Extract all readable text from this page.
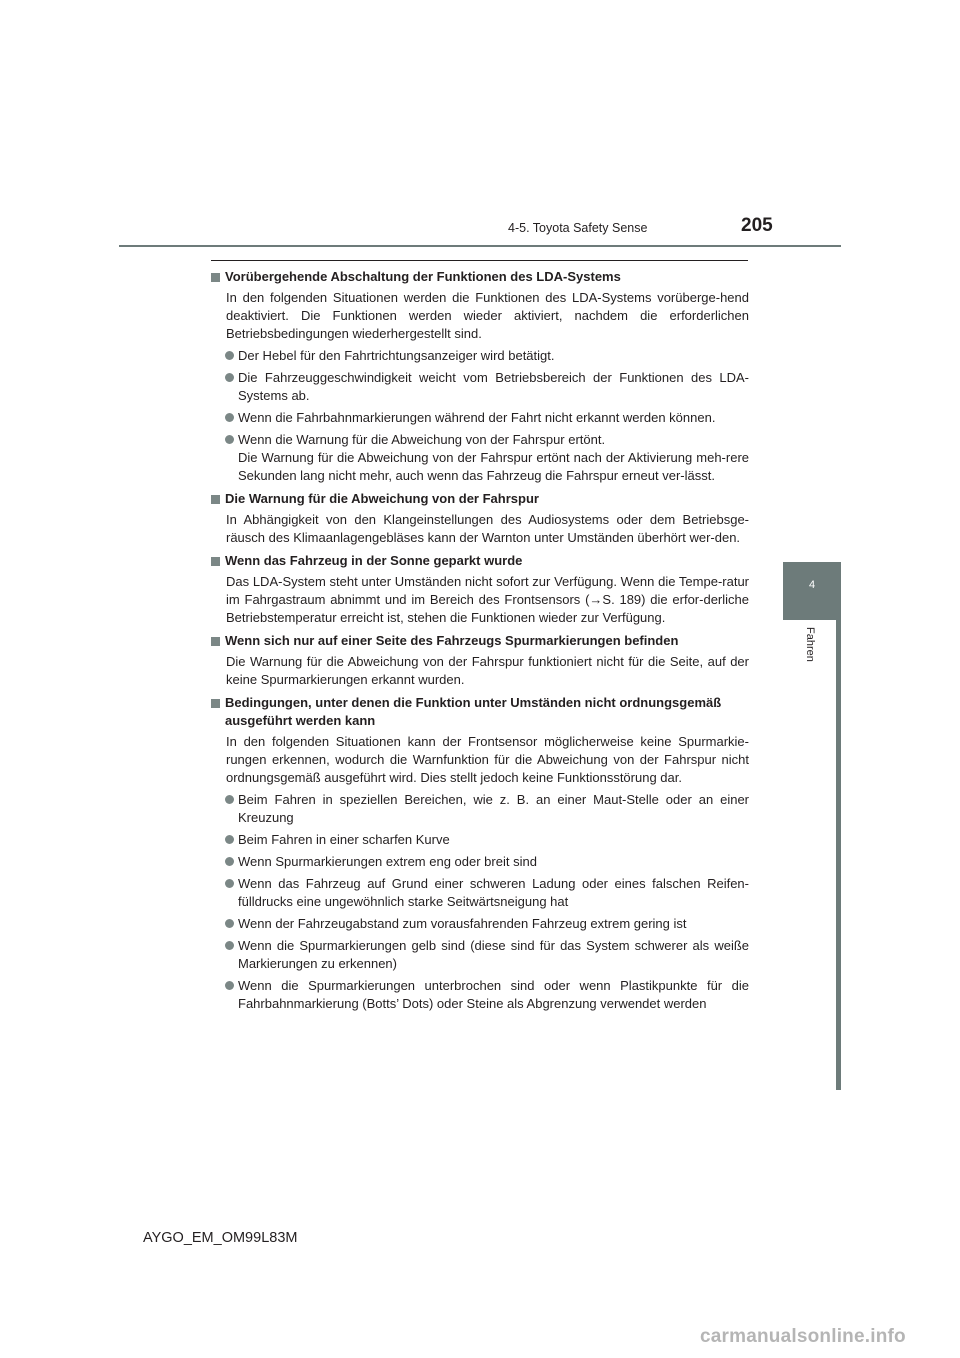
4-5. Toyota Safety Sense	205
4
Fahren
Vorübergehende Abschaltung der Funktionen des LDA-Systems
In den folgenden Situationen werden die Funktionen des LDA-Systems vorüberge-hend deaktiviert. Die Funktionen werden wieder aktiviert, nachdem die erforderlichen Betriebsbedingungen wiederhergestellt sind.
Der Hebel für den Fahrtrichtungsanzeiger wird betätigt.
Die Fahrzeuggeschwindigkeit weicht vom Betriebsbereich der Funktionen des LDA-Systems ab.
Wenn die Fahrbahnmarkierungen während der Fahrt nicht erkannt werden können.
Wenn die Warnung für die Abweichung von der Fahrspur ertönt.
Die Warnung für die Abweichung von der Fahrspur ertönt nach der Aktivierung meh-rere Sekunden lang nicht mehr, auch wenn das Fahrzeug die Fahrspur erneut ver-lässt.
Die Warnung für die Abweichung von der Fahrspur
In Abhängigkeit von den Klangeinstellungen des Audiosystems oder dem Betriebsge-räusch des Klimaanlagengebläses kann der Warnton unter Umständen überhört wer-den.
Wenn das Fahrzeug in der Sonne geparkt wurde
Das LDA-System steht unter Umständen nicht sofort zur Verfügung. Wenn die Tempe-ratur im Fahrgastraum abnimmt und im Bereich des Frontsensors (→S. 189) die erfor-derliche Betriebstemperatur erreicht ist, stehen die Funktionen wieder zur Verfügung.
Wenn sich nur auf einer Seite des Fahrzeugs Spurmarkierungen befinden
Die Warnung für die Abweichung von der Fahrspur funktioniert nicht für die Seite, auf der keine Spurmarkierungen erkannt wurden.
Bedingungen, unter denen die Funktion unter Umständen nicht ordnungsgemäß ausgeführt werden kann
In den folgenden Situationen kann der Frontsensor möglicherweise keine Spurmarkie-rungen erkennen, wodurch die Warnfunktion für die Abweichung von der Fahrspur nicht ordnungsgemäß ausgeführt wird. Dies stellt jedoch keine Funktionsstörung dar.
Beim Fahren in speziellen Bereichen, wie z. B. an einer Maut-Stelle oder an einer Kreuzung
Beim Fahren in einer scharfen Kurve
Wenn Spurmarkierungen extrem eng oder breit sind
Wenn das Fahrzeug auf Grund einer schweren Ladung oder eines falschen Reifen-fülldrucks eine ungewöhnlich starke Seitwärtsneigung hat
Wenn der Fahrzeugabstand zum vorausfahrenden Fahrzeug extrem gering ist
Wenn die Spurmarkierungen gelb sind (diese sind für das System schwerer als weiße Markierungen zu erkennen)
Wenn die Spurmarkierungen unterbrochen sind oder wenn Plastikpunkte für die Fahrbahnmarkierung (Botts’ Dots) oder Steine als Abgrenzung verwendet werden
AYGO_EM_OM99L83M
carmanualsonline.info
